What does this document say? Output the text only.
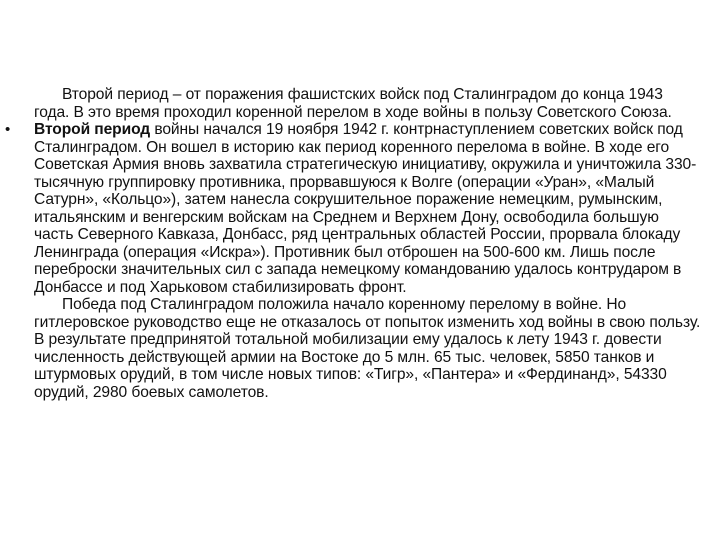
Второй период – от поражения фашистских войск под Сталинградом до конца 1943 года. В это время проходил коренной перелом в ходе войны в пользу Советского Союза.

• Второй период войны начался 19 ноября 1942 г. контрнаступлением советских войск под Сталинградом. Он вошел в историю как период коренного перелома в войне. В ходе его Советская Армия вновь захватила стратегическую инициативу, окружила и уничтожила 330-тысячную группировку противника, прорвавшуюся к Волге (операции «Уран», «Малый Сатурн», «Кольцо»), затем нанесла сокрушительное поражение немецким, румынским, итальянским и венгерским войскам на Среднем и Верхнем Дону, освободила большую часть Северного Кавказа, Донбасс, ряд центральных областей России, прорвала блокаду Ленинграда (операция «Искра»). Противник был отброшен на 500-600 км. Лишь после переброски значительных сил с запада немецкому командованию удалось контрударом в Донбассе и под Харьковом стабилизировать фронт.

Победа под Сталинградом положила начало коренному перелому в войне. Но гитлеровское руководство еще не отказалось от попыток изменить ход войны в свою пользу. В результате предпринятой тотальной мобилизации ему удалось к лету 1943 г. довести численность действующей армии на Востоке до 5 млн. 65 тыс. человек, 5850 танков и штурмовых орудий, в том числе новых типов: «Тигр», «Пантера» и «Фердинанд», 54330 орудий, 2980 боевых самолетов.
